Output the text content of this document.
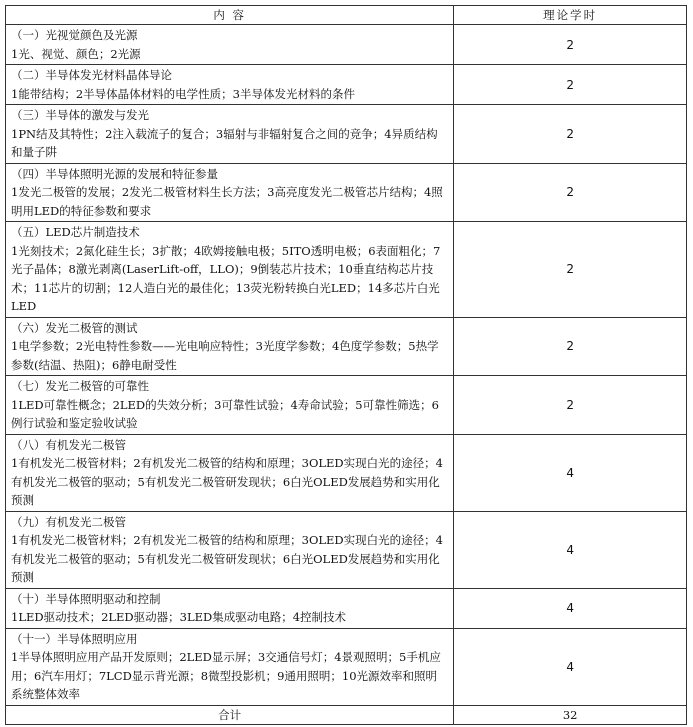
内 容	理论学时

（一）光视觉颜色及光源
1光、视觉、颜色；2光源	2

（二）半导体发光材料晶体导论
1能带结构；2半导体晶体材料的电学性质；3半导体发光材料的条件	2

（三）半导体的激发与发光
1PN结及其特性；2注入载流子的复合；3辐射与非辐射复合之间的竞争；4异质结构和量子阱	2

（四）半导体照明光源的发展和特征参量
1发光二极管的发展；2发光二极管材料生长方法；3高亮度发光二极管芯片结构；4照明用LED的特征参数和要求	2

（五）LED芯片制造技术
1光刻技术；2氮化硅生长；3扩散；4欧姆接触电极；5ITO透明电极；6表面粗化；7光子晶体；8激光剥离(LaserLift-off，LLO)；9倒装芯片技术；10垂直结构芯片技术；11芯片的切割；12人造白光的最佳化；13荧光粉转换白光LED；14多芯片白光LED	2

（六）发光二极管的测试
1电学参数；2光电特性参数——光电响应特性；3光度学参数；4色度学参数；5热学参数(结温、热阻)；6静电耐受性	2

（七）发光二极管的可靠性
1LED可靠性概念；2LED的失效分析；3可靠性试验；4寿命试验；5可靠性筛选；6例行试验和鉴定验收试验	2

（八）有机发光二极管
1有机发光二极管材料；2有机发光二极管的结构和原理；3OLED实现白光的途径；4有机发光二极管的驱动；5有机发光二极管研发现状；6白光OLED发展趋势和实用化预测	4

（九）有机发光二极管
1有机发光二极管材料；2有机发光二极管的结构和原理；3OLED实现白光的途径；4有机发光二极管的驱动；5有机发光二极管研发现状；6白光OLED发展趋势和实用化预测	4

（十）半导体照明驱动和控制
1LED驱动技术；2LED驱动器；3LED集成驱动电路；4控制技术	4

（十一）半导体照明应用
1半导体照明应用产品开发原则；2LED显示屏；3交通信号灯；4景观照明；5手机应用；6汽车用灯；7LCD显示背光源；8微型投影机；9通用照明；10光源效率和照明系统整体效率	4
合计	32
